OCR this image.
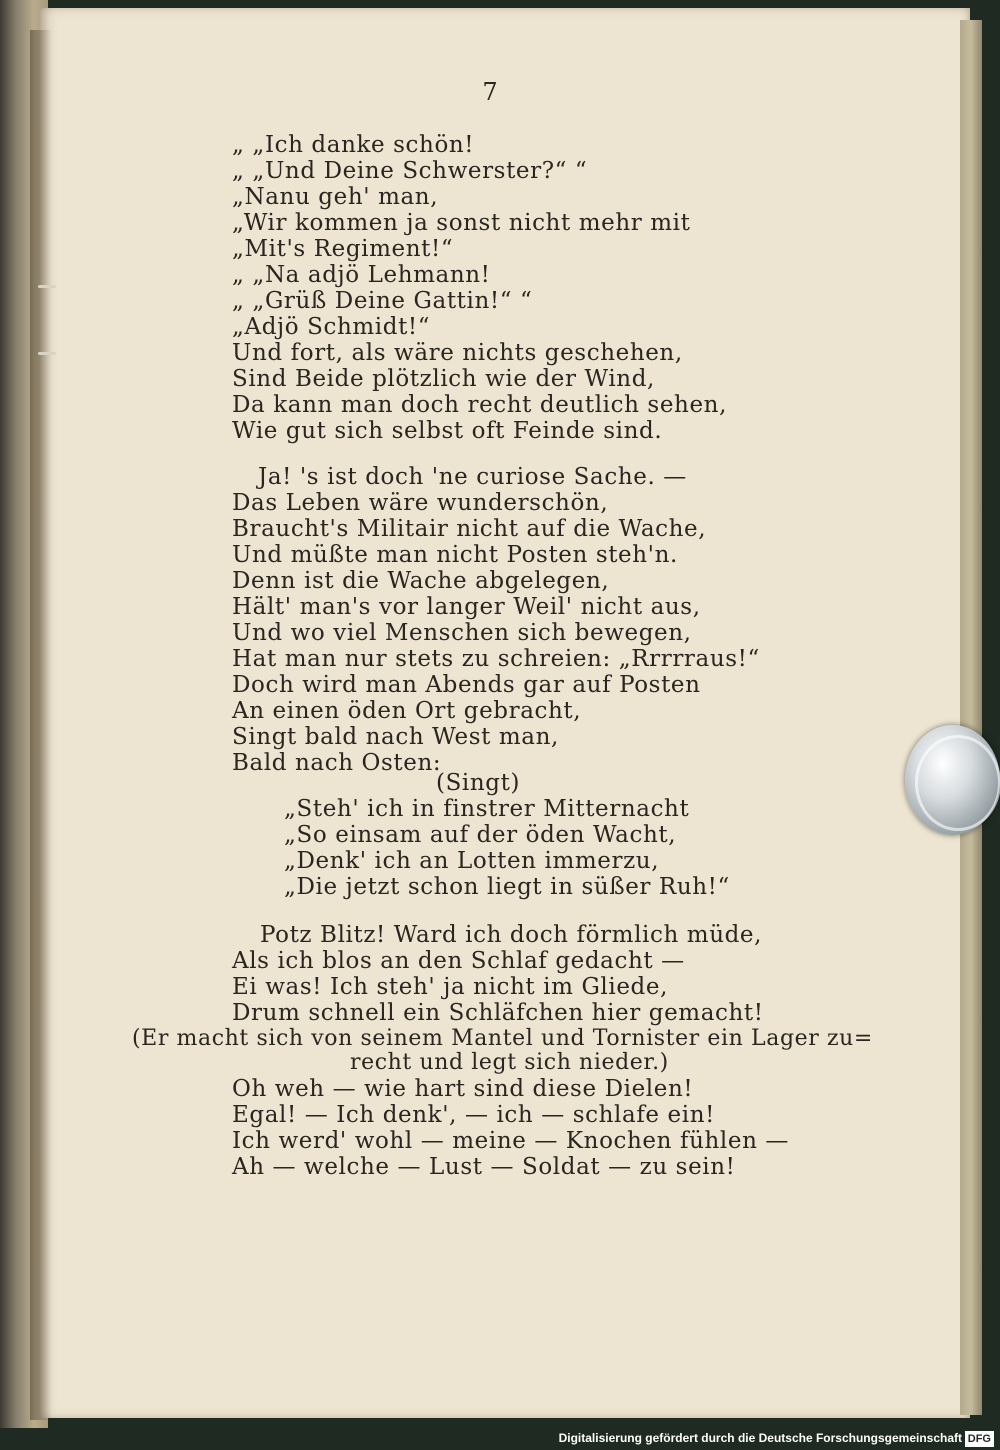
7
„ „Ich danke schön!
„ „Und Deine Schwerster?“ “
„Nanu geh' man,
„Wir kommen ja sonst nicht mehr mit
„Mit's Regiment!“
„ „Na adjö Lehmann!
„ „Grüß Deine Gattin!“ “
„Adjö Schmidt!“
Und fort, als wäre nichts geschehen,
Sind Beide plötzlich wie der Wind,
Da kann man doch recht deutlich sehen,
Wie gut sich selbst oft Feinde sind.
Ja! 's ist doch 'ne curiose Sache. —
Das Leben wäre wunderschön,
Braucht's Militair nicht auf die Wache,
Und müßte man nicht Posten steh'n.
Denn ist die Wache abgelegen,
Hält' man's vor langer Weil' nicht aus,
Und wo viel Menschen sich bewegen,
Hat man nur stets zu schreien: „Rrrrraus!“
Doch wird man Abends gar auf Posten
An einen öden Ort gebracht,
Singt bald nach West man,
Bald nach Osten:
(Singt)
„Steh' ich in finstrer Mitternacht
„So einsam auf der öden Wacht,
„Denk' ich an Lotten immerzu,
„Die jetzt schon liegt in süßer Ruh!“
Potz Blitz! Ward ich doch förmlich müde,
Als ich blos an den Schlaf gedacht —
Ei was! Ich steh' ja nicht im Gliede,
Drum schnell ein Schläfchen hier gemacht!
(Er macht sich von seinem Mantel und Tornister ein Lager zu=
recht und legt sich nieder.)
Oh weh — wie hart sind diese Dielen!
Egal! — Ich denk', — ich — schlafe ein!
Ich werd' wohl — meine — Knochen fühlen —
Ah — welche — Lust — Soldat — zu sein!
Digitalisierung gefördert durch die Deutsche Forschungsgemeinschaft DFG
